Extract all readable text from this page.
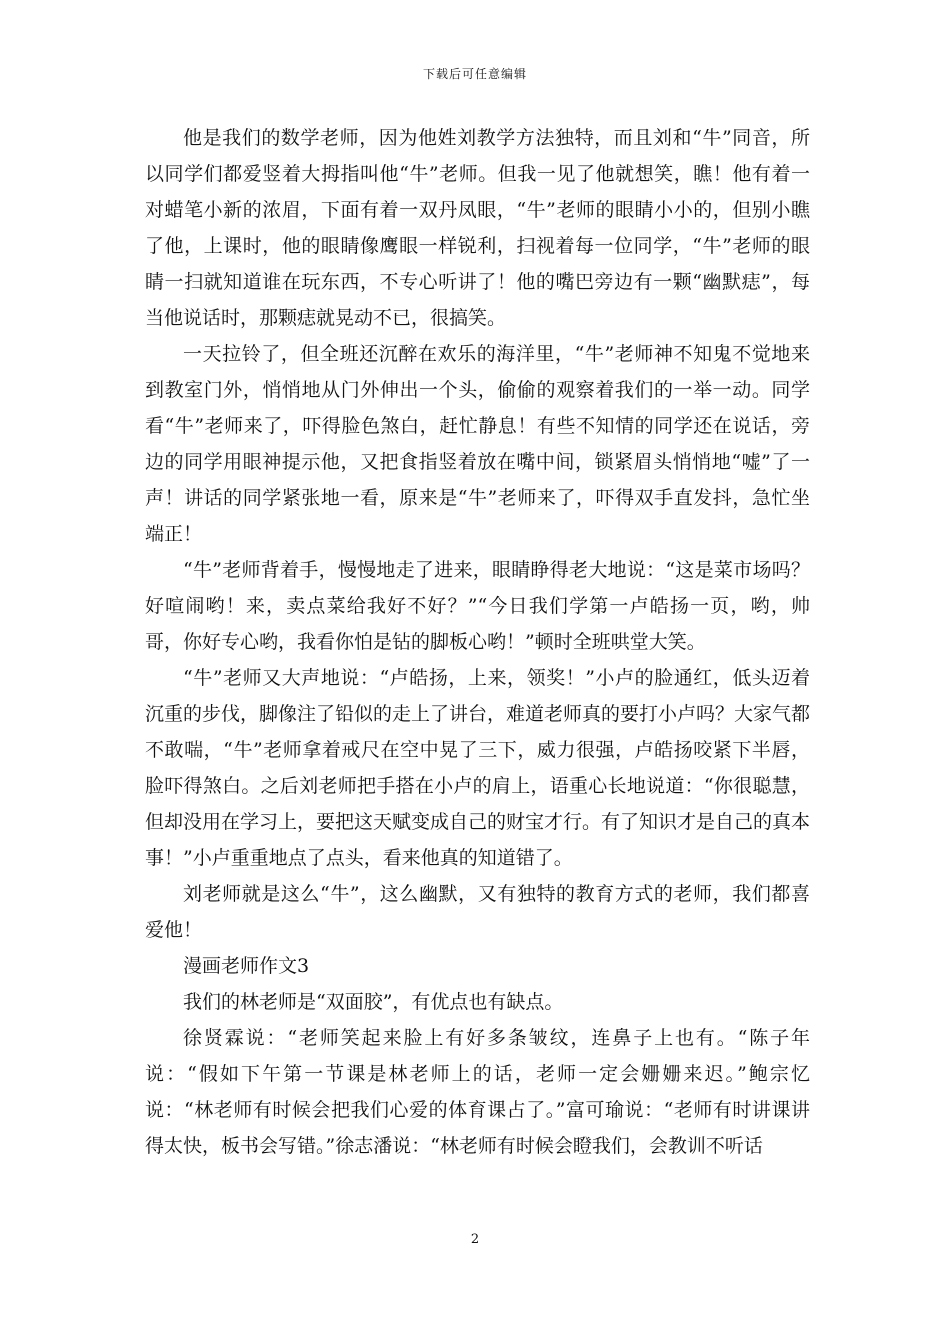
下载后可任意编辑

他是我们的数学老师，因为他姓刘教学方法独特，而且刘和“牛”同音，所以同学们都爱竖着大拇指叫他“牛”老师。但我一见了他就想笑，瞧！他有着一对蜡笔小新的浓眉，下面有着一双丹凤眼，“牛”老师的眼睛小小的，但别小瞧了他，上课时，他的眼睛像鹰眼一样锐利，扫视着每一位同学，“牛”老师的眼睛一扫就知道谁在玩东西，不专心听讲了！他的嘴巴旁边有一颗“幽默痣”，每当他说话时，那颗痣就晃动不已，很搞笑。

一天拉铃了，但全班还沉醉在欢乐的海洋里，“牛”老师神不知鬼不觉地来到教室门外，悄悄地从门外伸出一个头，偷偷的观察着我们的一举一动。同学看“牛”老师来了，吓得脸色煞白，赶忙静息！有些不知情的同学还在说话，旁边的同学用眼神提示他，又把食指竖着放在嘴中间，锁紧眉头悄悄地“嘘”了一声！讲话的同学紧张地一看，原来是“牛”老师来了，吓得双手直发抖，急忙坐端正！

“牛”老师背着手，慢慢地走了进来，眼睛睁得老大地说：“这是菜市场吗？好喧闹哟！来，卖点菜给我好不好？”“今日我们学第一卢皓扬一页，哟，帅哥，你好专心哟，我看你怕是钻的脚板心哟！”顿时全班哄堂大笑。

“牛”老师又大声地说：“卢皓扬，上来，领奖！”小卢的脸通红，低头迈着沉重的步伐，脚像注了铅似的走上了讲台，难道老师真的要打小卢吗？大家气都不敢喘，“牛”老师拿着戒尺在空中晃了三下，威力很强，卢皓扬咬紧下半唇，脸吓得煞白。之后刘老师把手搭在小卢的肩上，语重心长地说道：“你很聪慧，但却没用在学习上，要把这天赋变成自己的财宝才行。有了知识才是自己的真本事！”小卢重重地点了点头，看来他真的知道错了。

刘老师就是这么“牛”，这么幽默，又有独特的教育方式的老师，我们都喜爱他！

漫画老师作文3

我们的林老师是“双面胶”，有优点也有缺点。

徐贤霖说：“老师笑起来脸上有好多条皱纹，连鼻子上也有。“陈子年说：“假如下午第一节课是林老师上的话，老师一定会姗姗来迟。”鲍宗忆说：“林老师有时候会把我们心爱的体育课占了。”富可瑜说：“老师有时讲课讲得太快，板书会写错。”徐志潘说：“林老师有时候会瞪我们，会教训不听话

2
